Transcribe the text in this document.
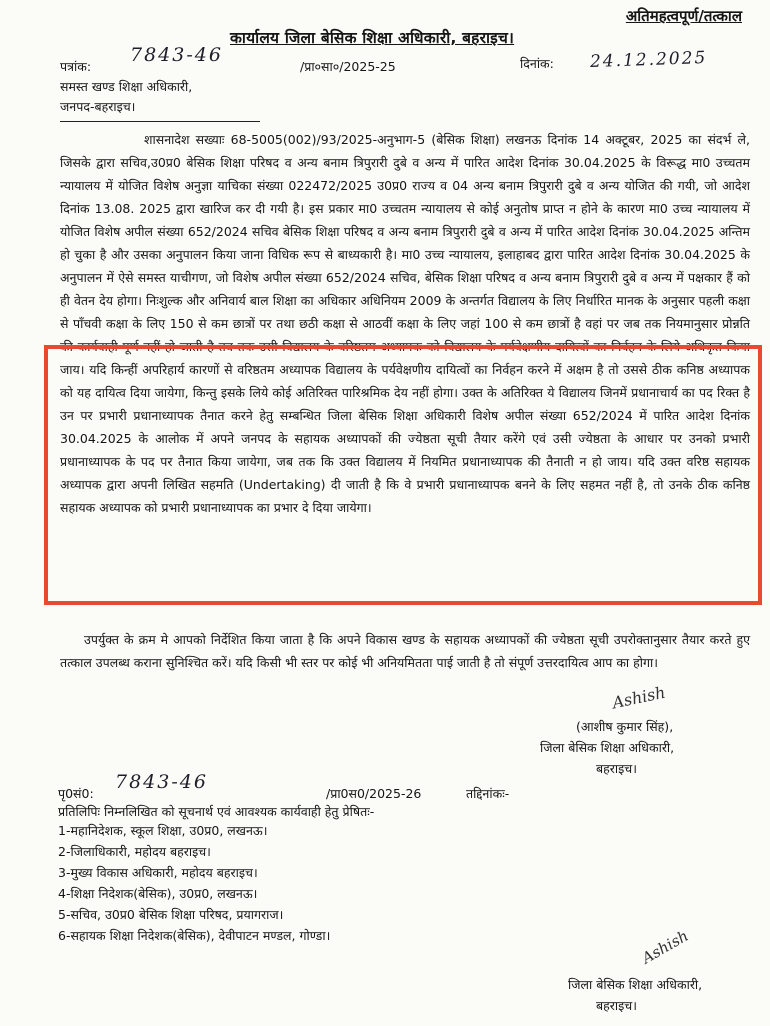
अतिमहत्वपूर्ण/तत्काल
कार्यालय जिला बेसिक शिक्षा अधिकारी, बहराइच।
पत्रांक:
7843-46
/प्रा०सा०/2025-25	दिनांक: 24.12.2025
समस्त खण्ड शिक्षा अधिकारी,
जनपद-बहराइच।
शासनादेश सख्याः 68-5005(002)/93/2025-अनुभाग-5 (बेसिक शिक्षा) लखनऊ दिनांक 14 अक्टूबर, 2025 का संदर्भ ले, जिसके द्वारा सचिव,उ0प्र0 बेसिक शिक्षा परिषद व अन्य बनाम त्रिपुरारी दुबे व अन्य में पारित आदेश दिनांक 30.04.2025 के विरूद्ध मा0 उच्चतम न्यायालय में योजित विशेष अनुज्ञा याचिका संख्या 022472/2025 उ0प्र0 राज्य व 04 अन्य बनाम त्रिपुरारी दुबे व अन्य योजित की गयी, जो आदेश दिनांक 13.08. 2025 द्वारा खारिज कर दी गयी है। इस प्रकार मा0 उच्चतम न्यायालय से कोई अनुतोष प्राप्त न होने के कारण मा0 उच्च न्यायालय में योजित विशेष अपील संख्या 652/2024 सचिव बेसिक शिक्षा परिषद व अन्य बनाम त्रिपुरारी दुबे व अन्य में पारित आदेश दिनांक 30.04.2025 अन्तिम हो चुका है और उसका अनुपालन किया जाना विधिक रूप से बाध्यकारी है। मा0 उच्च न्यायालय, इलाहाबद द्वारा पारित आदेश दिनांक 30.04.2025 के अनुपालन में ऐसे समस्त याचीगण, जो विशेष अपील संख्या 652/2024 सचिव, बेसिक शिक्षा परिषद व अन्य बनाम त्रिपुरारी दुबे व अन्य में पक्षकार हैं को ही वेतन देय होगा। निःशुल्क और अनिवार्य बाल शिक्षा का अधिकार अधिनियम 2009 के अन्तर्गत विद्यालय के लिए निर्धारित मानक के अनुसार पहली कक्षा से पाँचवी कक्षा के लिए 150 से कम छात्रों पर तथा छठी कक्षा से आठवीं कक्षा के लिए जहां 100 से कम छात्रों है वहां पर जब तक नियमानुसार प्रोन्नति की कार्यवाही पूर्ण नहीं हो जाती है तब तक उसी विद्यालय के वरिष्ठतम अध्यापक को विद्यालय के पर्यवेक्षणीय दायित्वों का निर्वहन के लिये अधिकृत किया जाय। यदि किन्हीं अपरिहार्य कारणों से वरिष्ठतम अध्यापक विद्यालय के पर्यवेक्षणीय दायित्वों का निर्वहन करने में अक्षम है तो उससे ठीक कनिष्ठ अध्यापक को यह दायित्व दिया जायेगा, किन्तु इसके लिये कोई अतिरिक्त पारिश्रमिक देय नहीं होगा। उक्त के अतिरिक्त ये विद्यालय जिनमें प्रधानाचार्य का पद रिक्त है उन पर प्रभारी प्रधानाध्यापक तैनात करने हेतु सम्बन्धित जिला बेसिक शिक्षा अधिकारी विशेष अपील संख्या 652/2024 में पारित आदेश दिनांक 30.04.2025 के आलोक में अपने जनपद के सहायक अध्यापकों की ज्येष्ठता सूची तैयार करेंगे एवं उसी ज्येष्ठता के आधार पर उनको प्रभारी प्रधानाध्यापक के पद पर तैनात किया जायेगा, जब तक कि उक्त विद्यालय में नियमित प्रधानाध्यापक की तैनाती न हो जाय। यदि उक्त वरिष्ठ सहायक अध्यापक द्वारा अपनी लिखित सहमति (Undertaking) दी जाती है कि वे प्रभारी प्रधानाध्यापक बनने के लिए सहमत नहीं है, तो उनके ठीक कनिष्ठ सहायक अध्यापक को प्रभारी प्रधानाध्यापक का प्रभार दे दिया जायेगा।
उपर्युक्त के क्रम मे आपको निर्देशित किया जाता है कि अपने विकास खण्ड के सहायक अध्यापकों की ज्येष्ठता सूची उपरोक्तानुसार तैयार करते हुए तत्काल उपलब्ध कराना सुनिश्चित करें। यदि किसी भी स्तर पर कोई भी अनियमितता पाई जाती है तो संपूर्ण उत्तरदायित्व आप का होगा।
Ashish
(आशीष कुमार सिंह),
जिला बेसिक शिक्षा अधिकारी,
बहराइच।
पृ0सं0:
7843-46
/प्रा0स0/2025-26	तद्दिनांकः-
प्रतिलिपिः निम्नलिखित को सूचनार्थ एवं आवश्यक कार्यवाही हेतु प्रेषितः-
1-महानिदेशक, स्कूल शिक्षा, उ0प्र0, लखनऊ।
2-जिलाधिकारी, महोदय बहराइच।
3-मुख्य विकास अधिकारी, महोदय बहराइच।
4-शिक्षा निदेशक(बेसिक), उ0प्र0, लखनऊ।
5-सचिव, उ0प्र0 बेसिक शिक्षा परिषद, प्रयागराज।
6-सहायक शिक्षा निदेशक(बेसिक), देवीपाटन मण्डल, गोण्डा।	Ashish
जिला बेसिक शिक्षा अधिकारी,
बहराइच।
